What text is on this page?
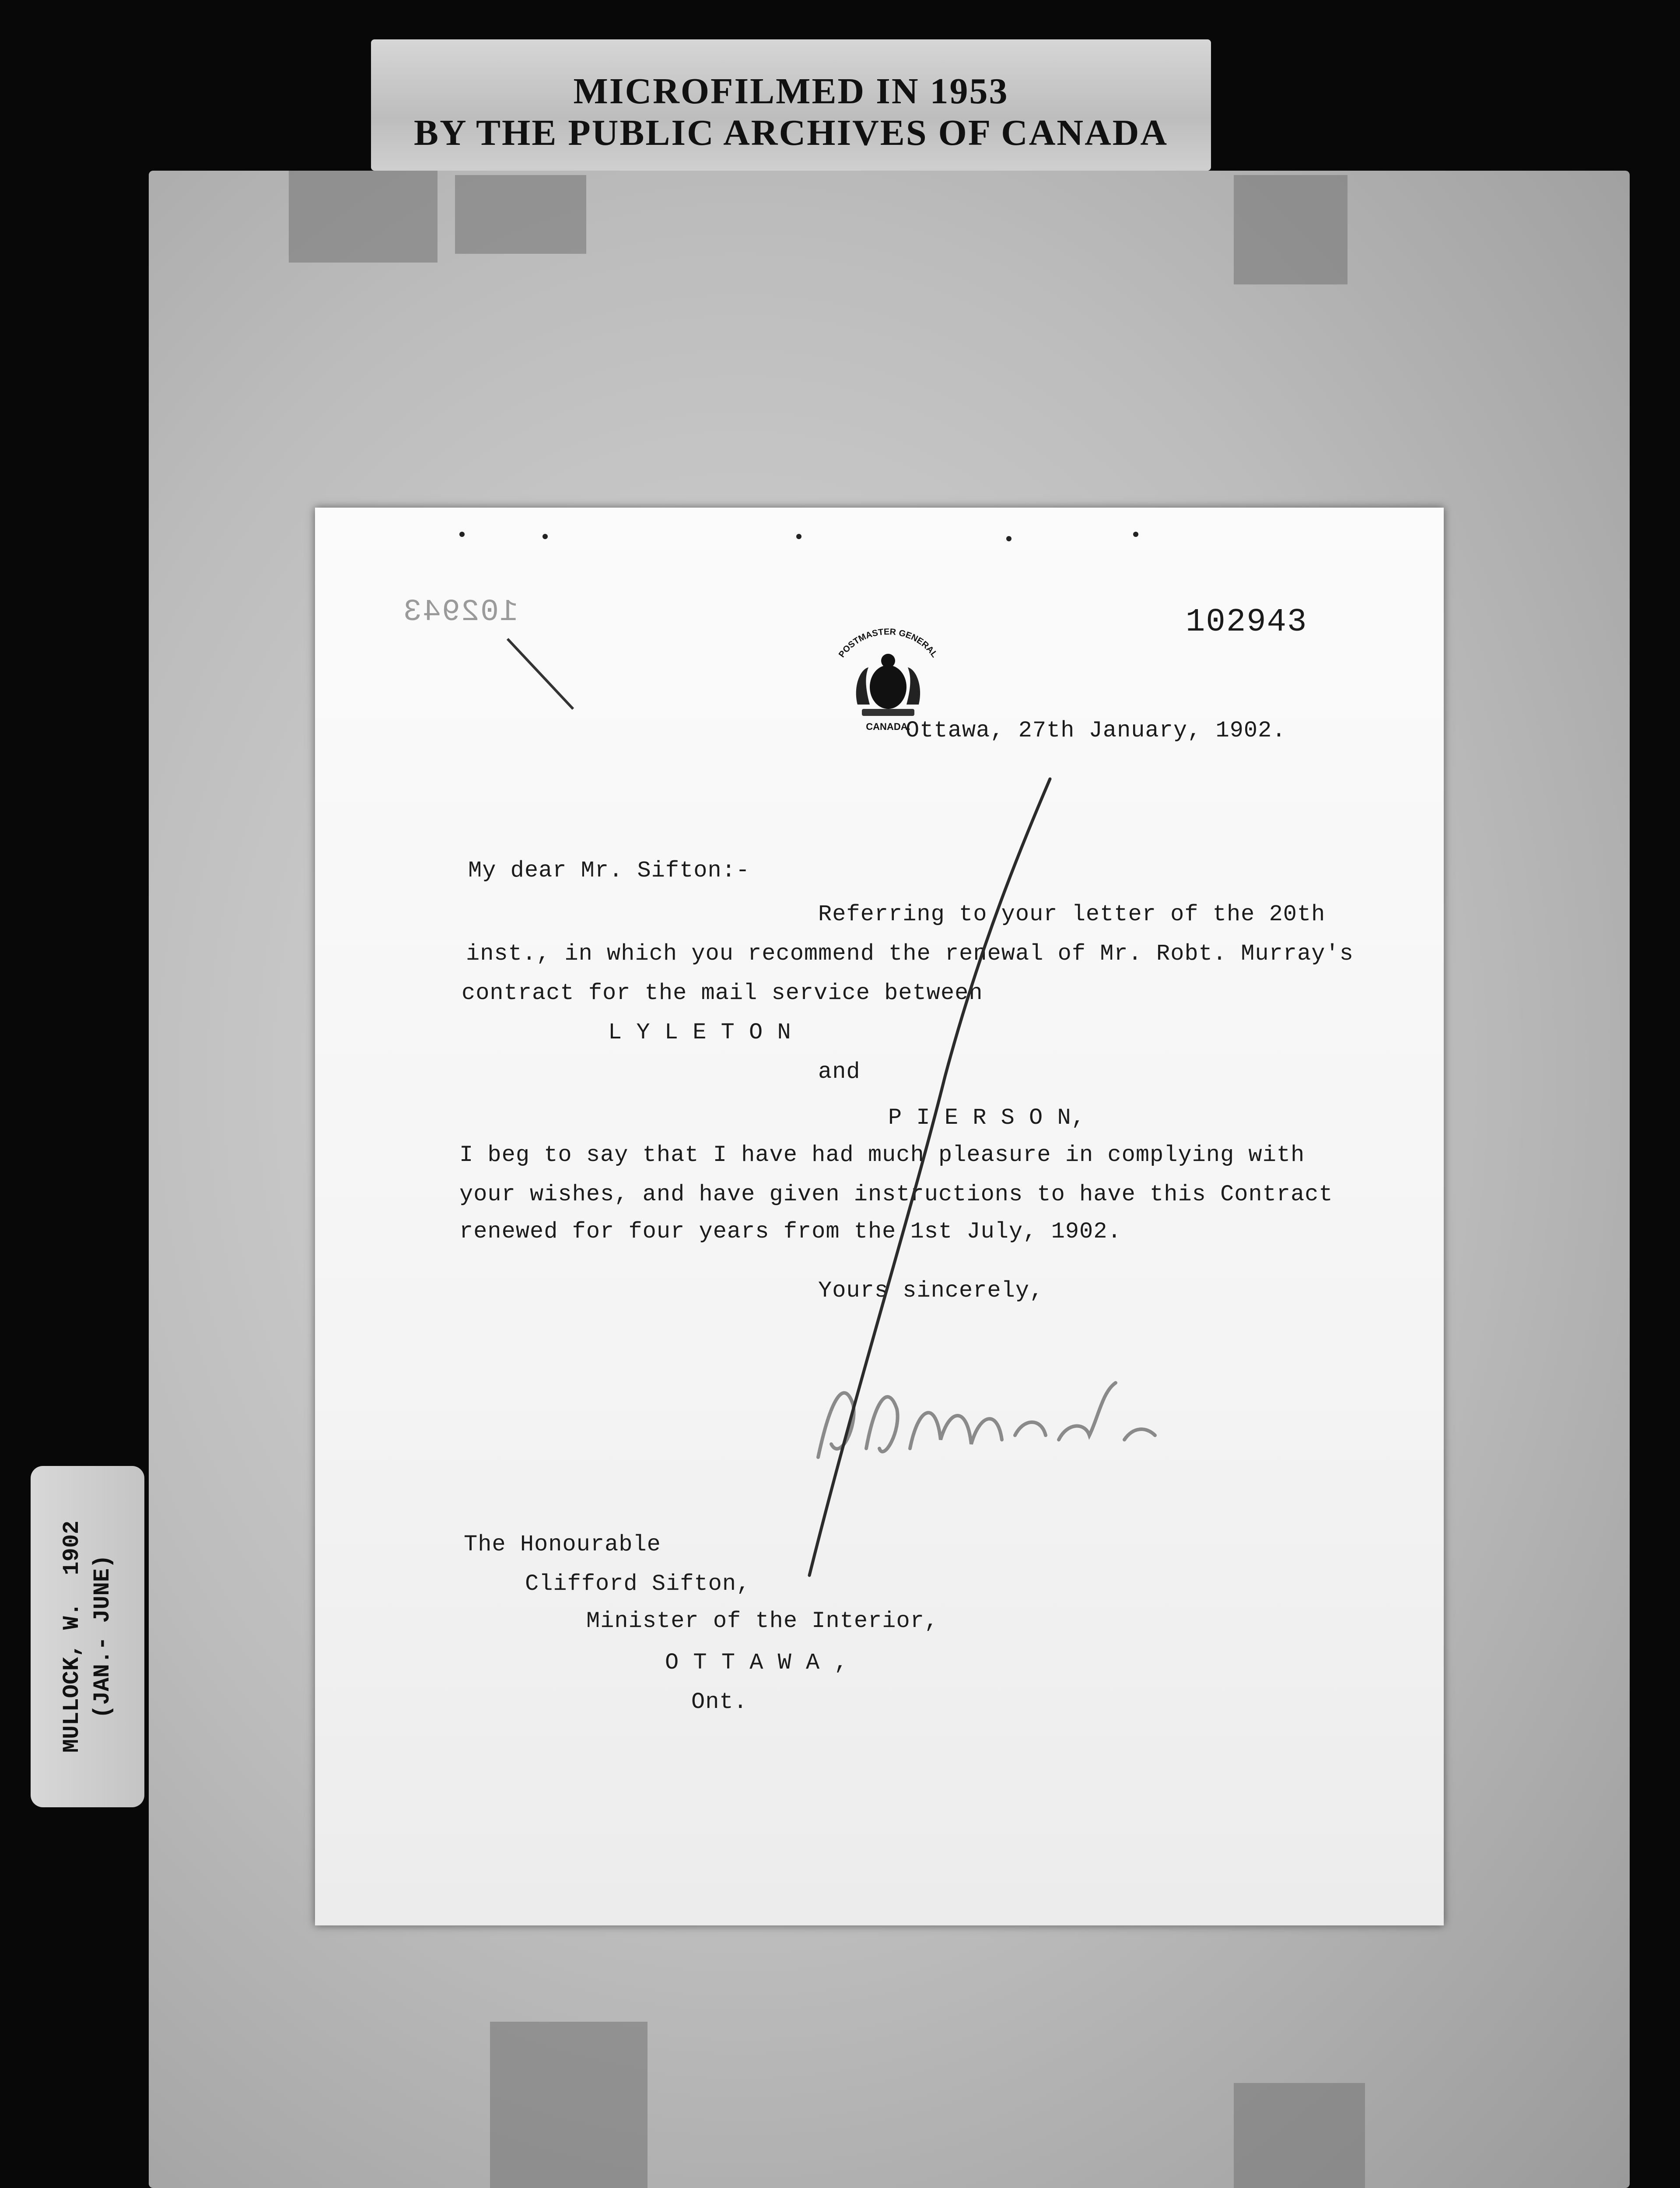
MICROFILMED IN 1953
BY THE PUBLIC ARCHIVES OF CANADA
MULLOCK, W.  1902 (JAN.- JUNE)
102943	102943
POSTMASTER GENERAL
CANADA.
Ottawa, 27th January, 1902.
My dear Mr. Sifton:-
Referring to your letter of the 20th
inst., in which you recommend the renewal of Mr. Robt. Murray's
contract for the mail service between
L Y L E T O N
and
P I E R S O N,
I beg to say that I have had much pleasure in complying with
your wishes, and have given instructions to have this Contract
renewed for four years from the 1st July, 1902.
Yours sincerely,
The Honourable
Clifford Sifton,
Minister of the Interior,
O T T A W A ,
Ont.
